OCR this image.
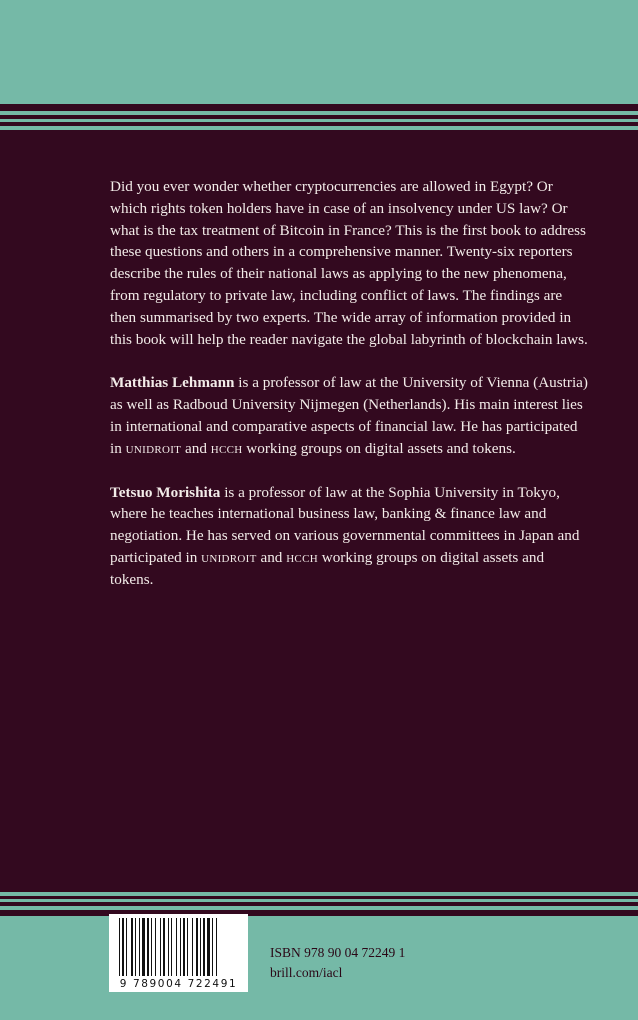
Did you ever wonder whether cryptocurrencies are allowed in Egypt? Or which rights token holders have in case of an insolvency under US law? Or what is the tax treatment of Bitcoin in France? This is the first book to address these questions and others in a comprehensive manner. Twenty-six reporters describe the rules of their national laws as applying to the new phenomena, from regulatory to private law, including conflict of laws. The findings are then summarised by two experts. The wide array of information provided in this book will help the reader navigate the global labyrinth of blockchain laws.

Matthias Lehmann is a professor of law at the University of Vienna (Austria) as well as Radboud University Nijmegen (Netherlands). His main interest lies in international and comparative aspects of financial law. He has participated in unidroit and hcch working groups on digital assets and tokens.

Tetsuo Morishita is a professor of law at the Sophia University in Tokyo, where he teaches international business law, banking & finance law and negotiation. He has served on various governmental committees in Japan and participated in unidroit and hcch working groups on digital assets and tokens.

9 789004 722491
ISBN 978 90 04 72249 1
brill.com/iacl
